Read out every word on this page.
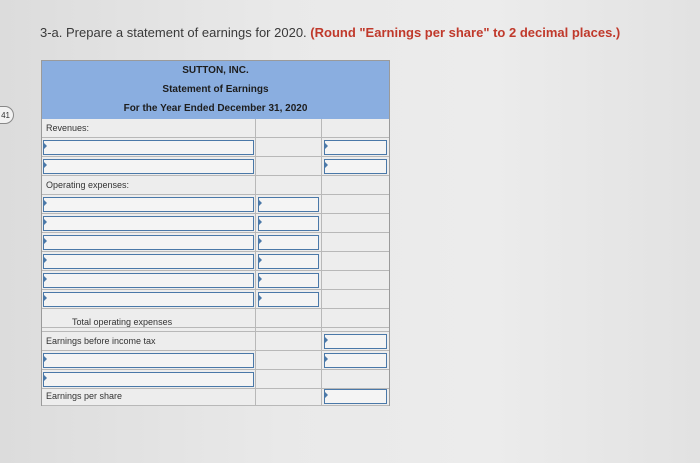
3-a. Prepare a statement of earnings for 2020. (Round "Earnings per share" to 2 decimal places.)
41
SUTTON, INC.
Statement of Earnings
For the Year Ended December 31, 2020
Revenues:
Operating expenses:
Total operating expenses
Earnings before income tax
Earnings per share
